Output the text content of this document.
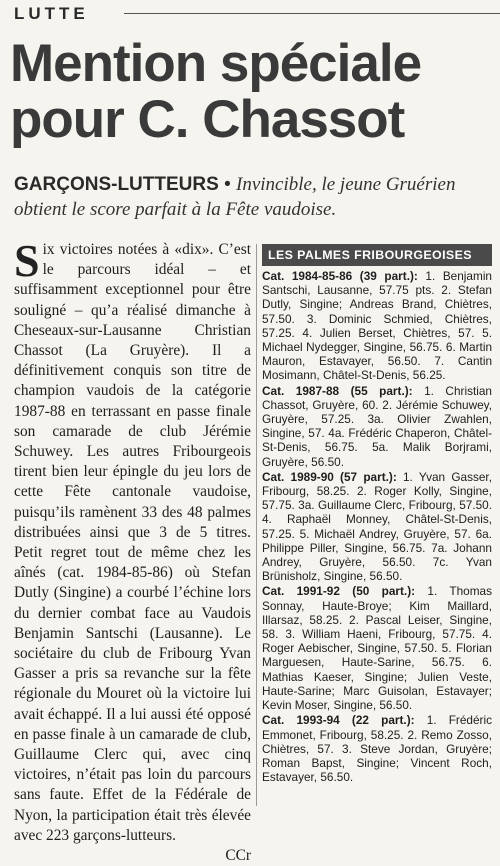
LUTTE
Mention spéciale
pour C. Chassot
GARÇONS-LUTTEURS • Invincible, le jeune Gruérien obtient le score parfait à la Fête vaudoise.
Six victoires notées à «dix». C’est le parcours idéal – et suffisamment exceptionnel pour être souligné – qu’a réalisé dimanche à Cheseaux-sur-Lausanne Christian Chassot (La Gruyère). Il a définitivement conquis son titre de champion vaudois de la catégorie 1987-88 en terrassant en passe finale son camarade de club Jérémie Schuwey. Les autres Fribourgeois tirent bien leur épingle du jeu lors de cette Fête cantonale vaudoise, puisqu’ils ramènent 33 des 48 palmes distribuées ainsi que 3 de 5 titres. Petit regret tout de même chez les aînés (cat. 1984-85-86) où Stefan Dutly (Singine) a courbé l’échine lors du dernier combat face au Vaudois Benjamin Santschi (Lausanne). Le sociétaire du club de Fribourg Yvan Gasser a pris sa revanche sur la fête régionale du Mouret où la victoire lui avait échappé. Il a lui aussi été opposé en passe finale à un camarade de club, Guillaume Clerc qui, avec cinq victoires, n’était pas loin du parcours sans faute. Effet de la Fédérale de Nyon, la participation était très élevée avec 223 garçons-lutteurs.
CCr
LES PALMES FRIBOURGEOISES
Cat. 1984-85-86 (39 part.): 1. Benjamin Santschi, Lausanne, 57.75 pts. 2. Stefan Dutly, Singine; Andreas Brand, Chiètres, 57.50. 3. Dominic Schmied, Chiètres, 57.25. 4. Julien Berset, Chiètres, 57. 5. Michael Nydegger, Singine, 56.75. 6. Martin Mauron, Estavayer, 56.50. 7. Cantin Mosimann, Châtel-St-Denis, 56.25.
Cat. 1987-88 (55 part.): 1. Christian Chassot, Gruyère, 60. 2. Jérémie Schuwey, Gruyère, 57.25. 3a. Olivier Zwahlen, Singine, 57. 4a. Frédéric Chaperon, Châtel-St-Denis, 56.75. 5a. Malik Borjrami, Gruyère, 56.50.
Cat. 1989-90 (57 part.): 1. Yvan Gasser, Fribourg, 58.25. 2. Roger Kolly, Singine, 57.75. 3a. Guillaume Clerc, Fribourg, 57.50. 4. Raphaël Monney, Châtel-St-Denis, 57.25. 5. Michaël Andrey, Gruyère, 57. 6a. Philippe Piller, Singine, 56.75. 7a. Johann Andrey, Gruyère, 56.50. 7c. Yvan Brünisholz, Singine, 56.50.
Cat. 1991-92 (50 part.): 1. Thomas Sonnay, Haute-Broye; Kim Maillard, Illarsaz, 58.25. 2. Pascal Leiser, Singine, 58. 3. William Haeni, Fribourg, 57.75. 4. Roger Aebischer, Singine, 57.50. 5. Florian Marguesen, Haute-Sarine, 56.75. 6. Mathias Kaeser, Singine; Julien Veste, Haute-Sarine; Marc Guisolan, Estavayer; Kevin Moser, Singine, 56.50.
Cat. 1993-94 (22 part.): 1. Frédéric Emmonet, Fribourg, 58.25. 2. Remo Zosso, Chiètres, 57. 3. Steve Jordan, Gruyère; Roman Bapst, Singine; Vincent Roch, Estavayer, 56.50.
